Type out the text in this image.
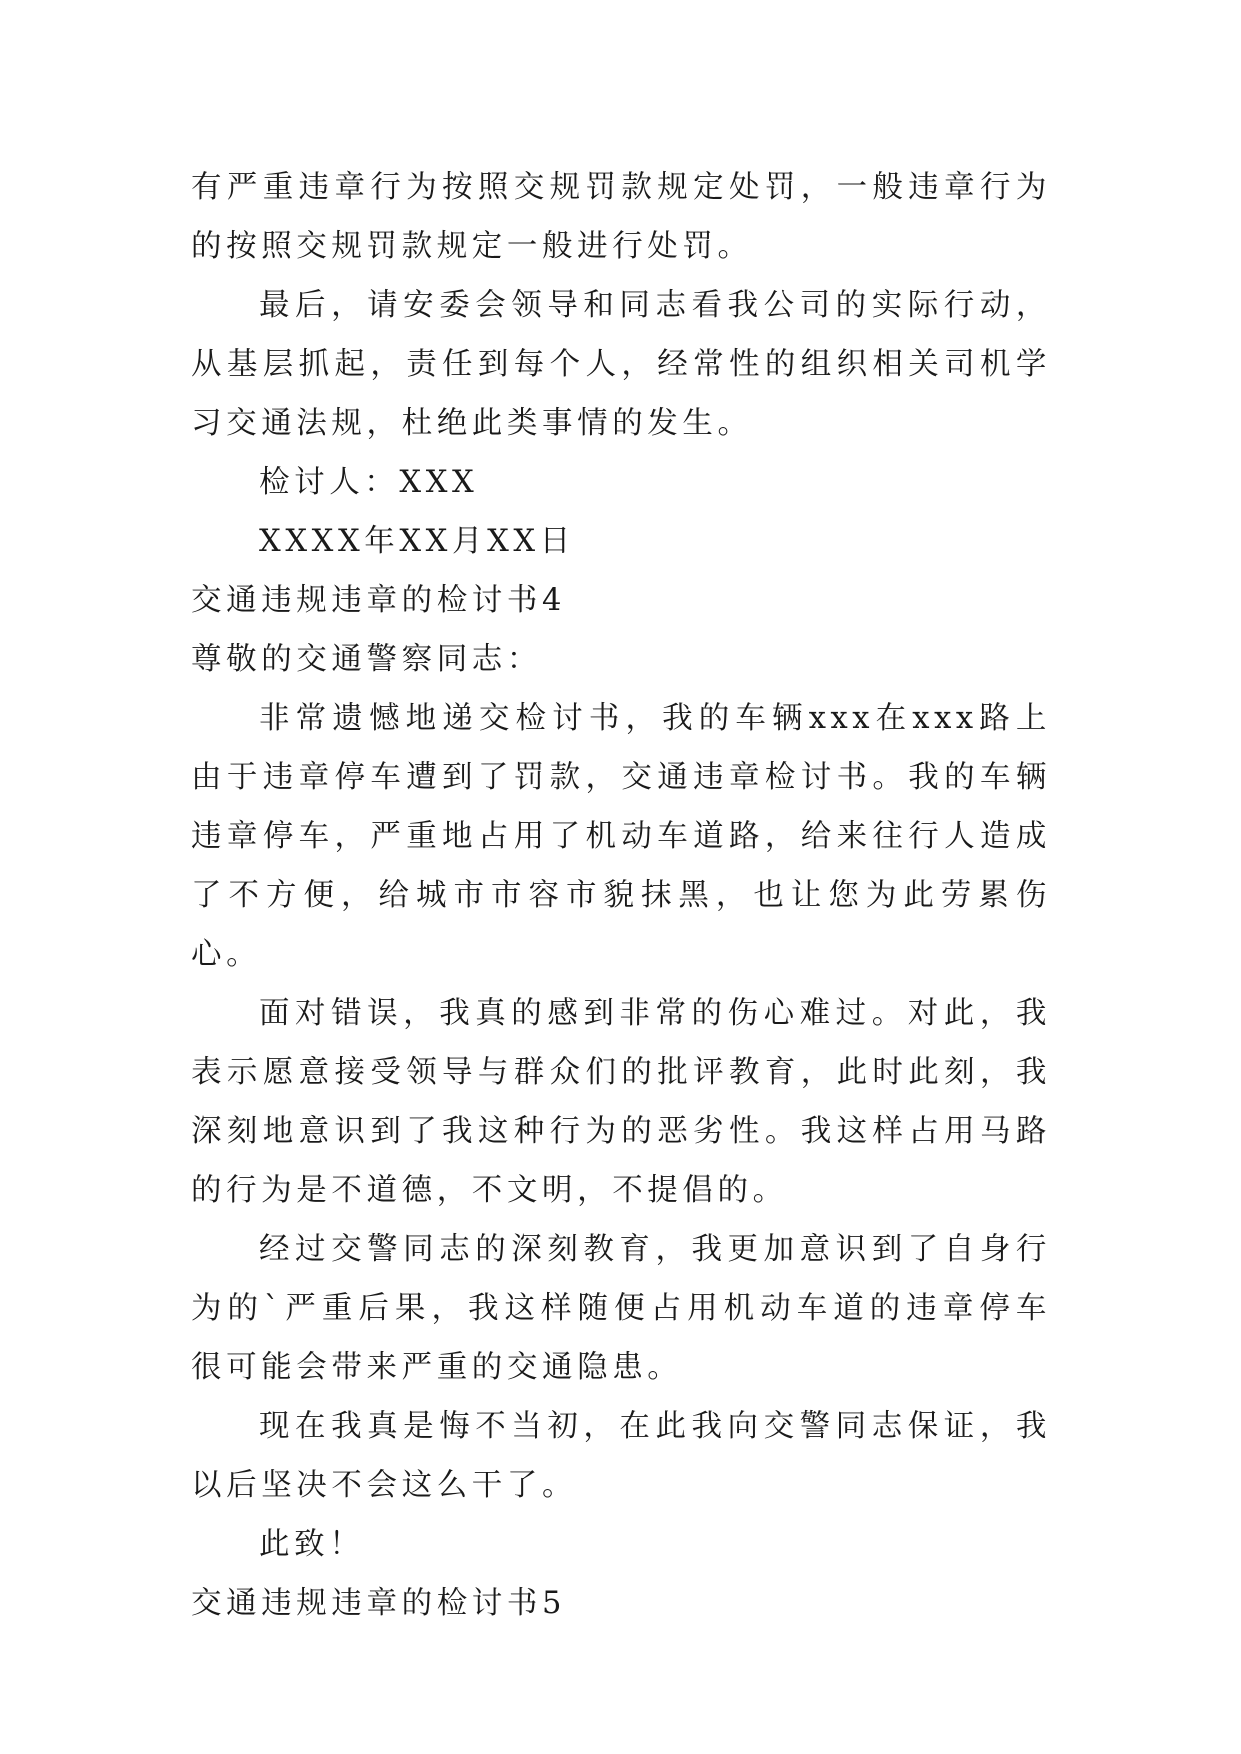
有严重违章行为按照交规罚款规定处罚，一般违章行为的按照交规罚款规定一般进行处罚。

最后，请安委会领导和同志看我公司的实际行动，从基层抓起，责任到每个人，经常性的组织相关司机学习交通法规，杜绝此类事情的发生。

检讨人：XXX

XXXX年XX月XX日

交通违规违章的检讨书4

尊敬的交通警察同志：

非常遗憾地递交检讨书，我的车辆xxx在xxx路上由于违章停车遭到了罚款，交通违章检讨书。我的车辆违章停车，严重地占用了机动车道路，给来往行人造成了不方便，给城市市容市貌抹黑，也让您为此劳累伤心。

面对错误，我真的感到非常的伤心难过。对此，我表示愿意接受领导与群众们的批评教育，此时此刻，我深刻地意识到了我这种行为的恶劣性。我这样占用马路的行为是不道德，不文明，不提倡的。

经过交警同志的深刻教育，我更加意识到了自身行为的`严重后果，我这样随便占用机动车道的违章停车很可能会带来严重的交通隐患。

现在我真是悔不当初，在此我向交警同志保证，我以后坚决不会这么干了。

此致！

交通违规违章的检讨书5
